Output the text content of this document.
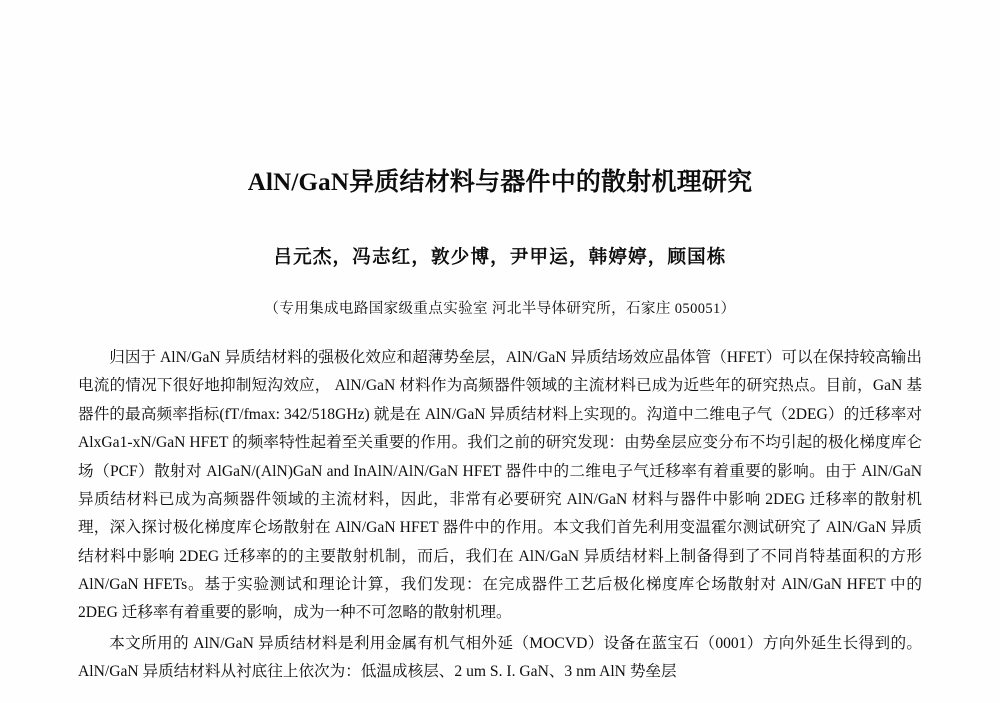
AlN/GaN异质结材料与器件中的散射机理研究

吕元杰，冯志红，敦少博，尹甲运，韩婷婷，顾国栋

（专用集成电路国家级重点实验室 河北半导体研究所，石家庄 050051）

归因于 AlN/GaN 异质结材料的强极化效应和超薄势垒层，AlN/GaN 异质结场效应晶体管（HFET）可以在保持较高输出电流的情况下很好地抑制短沟效应， AlN/GaN 材料作为高频器件领域的主流材料已成为近些年的研究热点。目前，GaN 基器件的最高频率指标(fT/fmax: 342/518GHz) 就是在 AlN/GaN 异质结材料上实现的。沟道中二维电子气（2DEG）的迁移率对 AlxGa1-xN/GaN HFET 的频率特性起着至关重要的作用。我们之前的研究发现：由势垒层应变分布不均引起的极化梯度库仑场（PCF）散射对 AlGaN/(AlN)GaN and InAlN/AlN/GaN HFET 器件中的二维电子气迁移率有着重要的影响。由于 AlN/GaN 异质结材料已成为高频器件领域的主流材料，因此，非常有必要研究 AlN/GaN 材料与器件中影响 2DEG 迁移率的散射机理，深入探讨极化梯度库仑场散射在 AlN/GaN HFET 器件中的作用。本文我们首先利用变温霍尔测试研究了 AlN/GaN 异质结材料中影响 2DEG 迁移率的的主要散射机制，而后，我们在 AlN/GaN 异质结材料上制备得到了不同肖特基面积的方形 AlN/GaN HFETs。基于实验测试和理论计算，我们发现：在完成器件工艺后极化梯度库仑场散射对 AlN/GaN HFET 中的 2DEG 迁移率有着重要的影响，成为一种不可忽略的散射机理。

本文所用的 AlN/GaN 异质结材料是利用金属有机气相外延（MOCVD）设备在蓝宝石（0001）方向外延生长得到的。AlN/GaN 异质结材料从衬底往上依次为：低温成核层、2 um S. I. GaN、3 nm AlN 势垒层
